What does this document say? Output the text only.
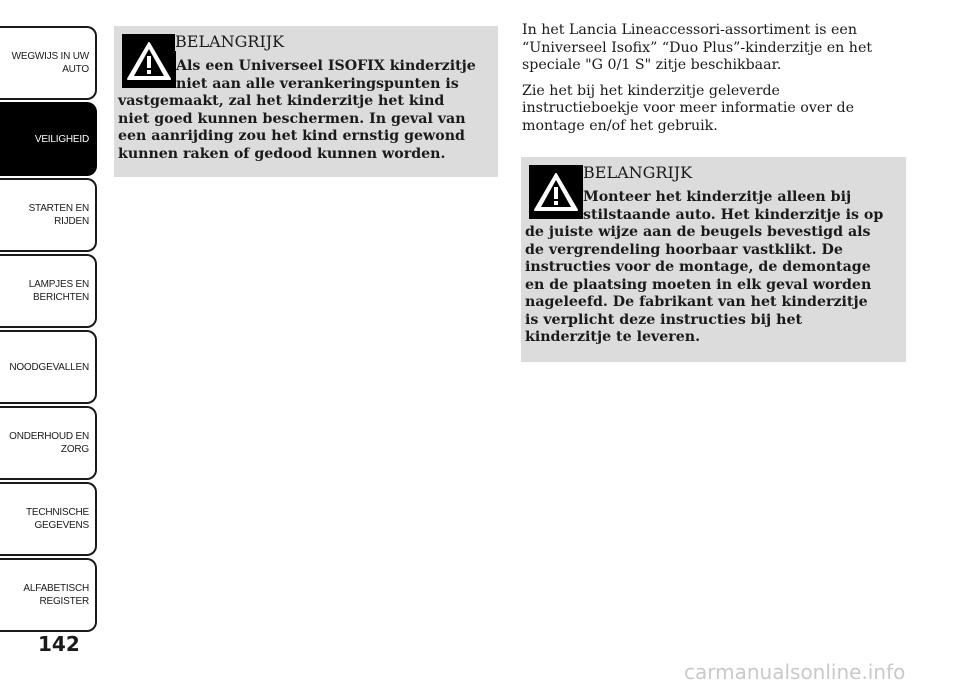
WEGWIJS IN UW
AUTO
VEILIGHEID
STARTEN EN
RIJDEN
LAMPJES EN
BERICHTEN
NOODGEVALLEN
ONDERHOUD EN
ZORG
TECHNISCHE
GEGEVENS
ALFABETISCH
REGISTER
142
Als een Universeel ISOFIX kinderzitje
niet aan alle verankeringspunten is
vastgemaakt, zal het kinderzitje het kind
niet goed kunnen beschermen. In geval van
een aanrijding zou het kind ernstig gewond
kunnen raken of gedood kunnen worden.
BELANGRIJK

In het Lancia Lineaccessori-assortiment is een
“Universeel Isofix” “Duo Plus”-kinderzitje en het
speciale "G 0/1 S" zitje beschikbaar.

Zie het bij het kinderzitje geleverde
instructieboekje voor meer informatie over de
montage en/of het gebruik.

Monteer het kinderzitje alleen bij
stilstaande auto. Het kinderzitje is op
de juiste wijze aan de beugels bevestigd als
de vergrendeling hoorbaar vastklikt. De
instructies voor de montage, de demontage
en de plaatsing moeten in elk geval worden
nageleefd. De fabrikant van het kinderzitje
is verplicht deze instructies bij het
kinderzitje te leveren.
BELANGRIJK
carmanualsonline.info
